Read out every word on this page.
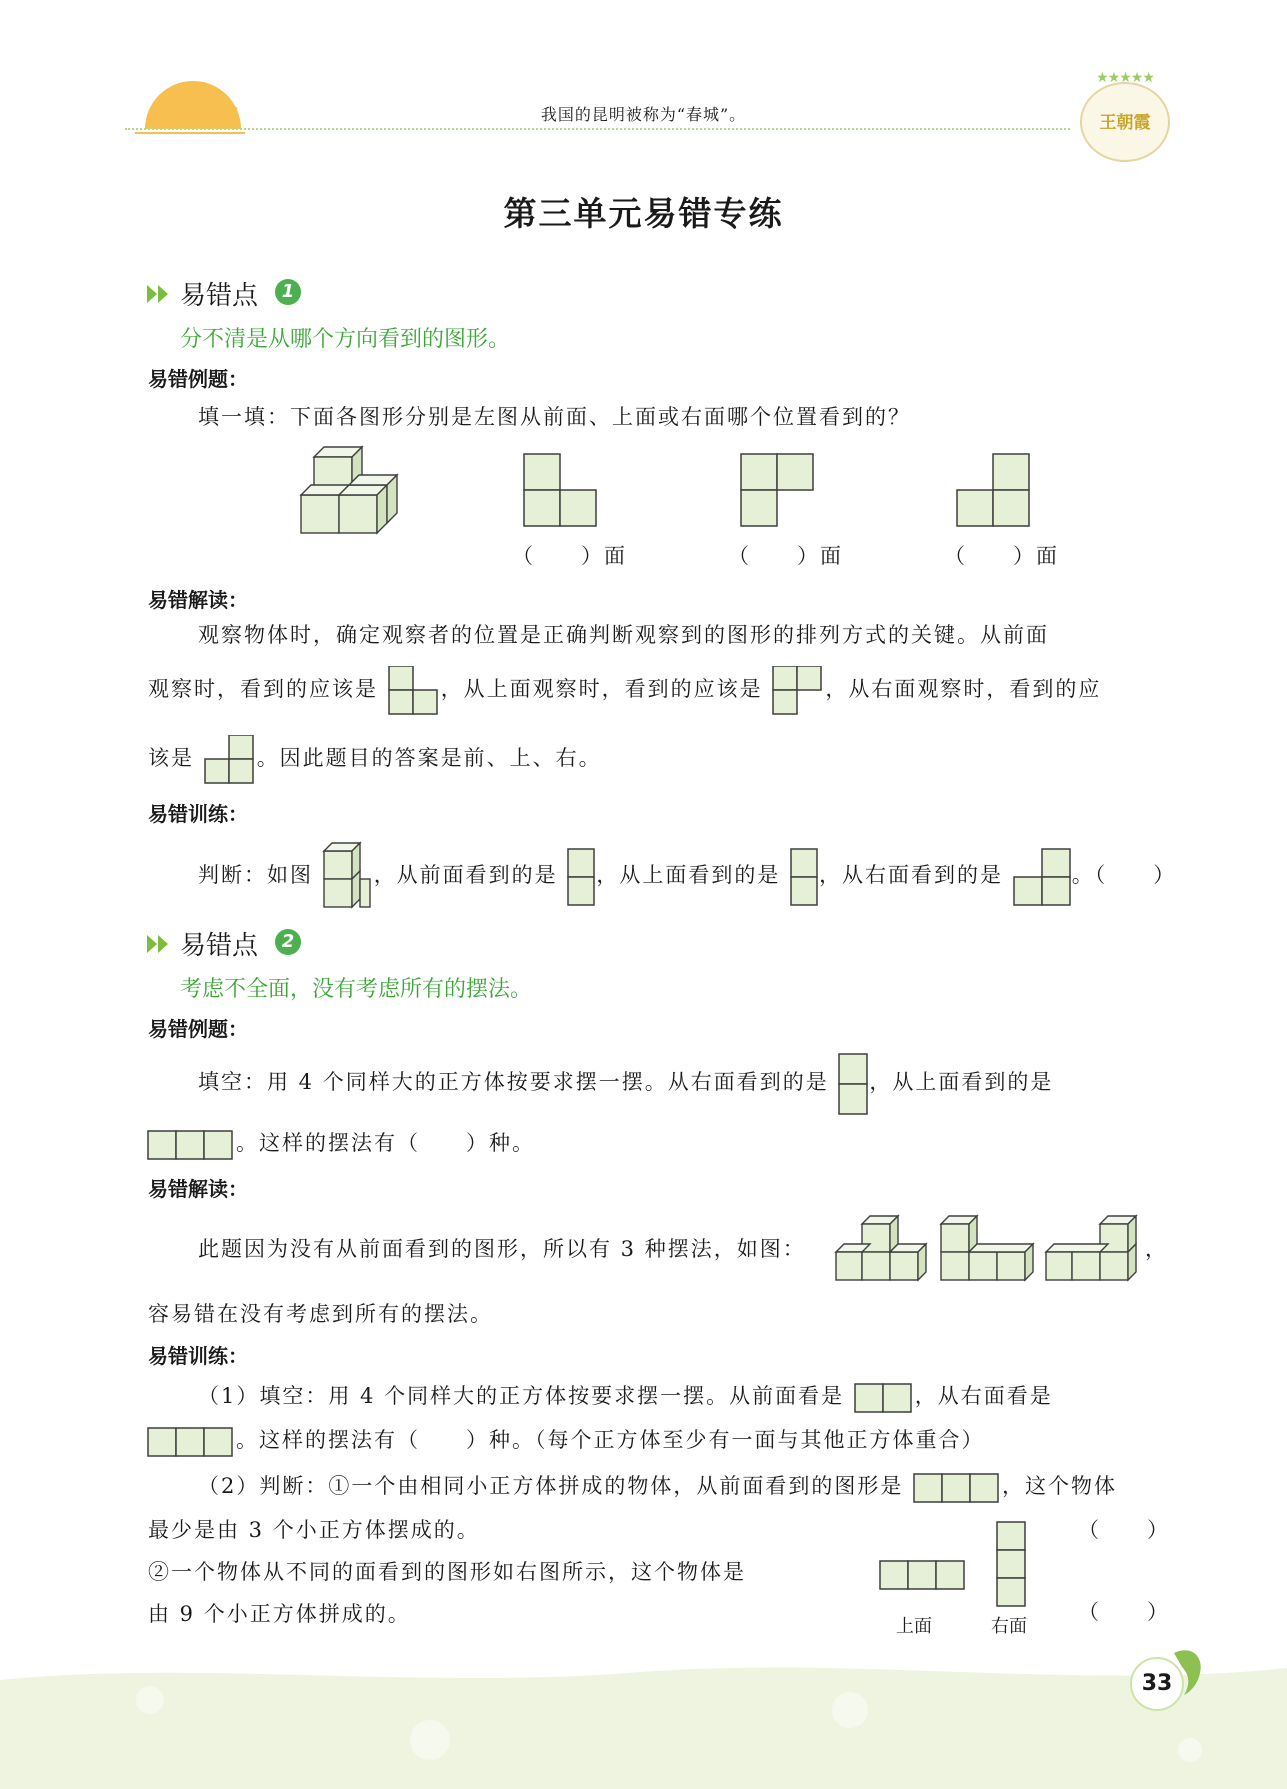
我国的昆明被称为“春城”。
★★★★★
王朝霞
第三单元易错专练
易错点	1
分不清是从哪个方向看到的图形。
易错例题：
填一填：下面各图形分别是左图从前面、上面或右面哪个位置看到的？
（　　）面	（　　）面	（　　）面
易错解读：
观察物体时，确定观察者的位置是正确判断观察到的图形的排列方式的关键。从前面
观察时，看到的应该是	，从上面观察时，看到的应该是	，从右面观察时，看到的应
该是	。因此题目的答案是前、上、右。
易错训练：
判断：如图	，从前面看到的是 ，从上面看到的是 ，从右面看到的是	。（　　）
易错点	2
考虑不全面，没有考虑所有的摆法。
易错例题：
填空：用 4 个同样大的正方体按要求摆一摆。从右面看到的是 ，从上面看到的是
。这样的摆法有（　　）种。
易错解读：
此题因为没有从前面看到的图形，所以有 3 种摆法，如图：	，
容易错在没有考虑到所有的摆法。
易错训练：
（1）填空：用 4 个同样大的正方体按要求摆一摆。从前面看是	，从右面看是
。这样的摆法有（　　）种。（每个正方体至少有一面与其他正方体重合）
（2）判断：①一个由相同小正方体拼成的物体，从前面看到的图形是	，这个物体
最少是由 3 个小正方体摆成的。	（　　）
②一个物体从不同的面看到的图形如右图所示，这个物体是
由 9 个小正方体拼成的。
上面	右面
（　　）
33
